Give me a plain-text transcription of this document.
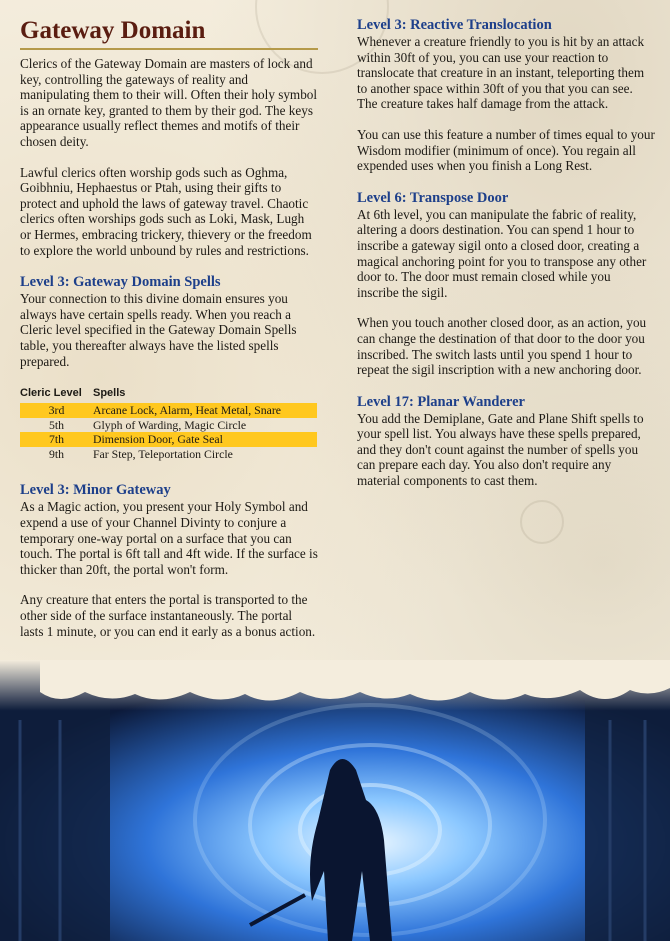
Gateway Domain

Clerics of the Gateway Domain are masters of lock and key, controlling the gateways of reality and manipulating them to their will. Often their holy symbol is an ornate key, granted to them by their god. The keys appearance usually reflect themes and motifs of their chosen deity.

Lawful clerics often worship gods such as Oghma, Goibhniu, Hephaestus or Ptah, using their gifts to protect and uphold the laws of gateway travel. Chaotic clerics often worships gods such as Loki, Mask, Lugh or Hermes, embracing trickery, thievery or the freedom to explore the world unbound by rules and restrictions.

Level 3: Gateway Domain Spells

Your connection to this divine domain ensures you always have certain spells ready. When you reach a Cleric level specified in the Gateway Domain Spells table, you thereafter always have the listed spells prepared.

Cleric Level	Spells
3rd	Arcane Lock, Alarm, Heat Metal, Snare
5th	Glyph of Warding, Magic Circle
7th	Dimension Door, Gate Seal
9th	Far Step, Teleportation Circle
Level 3: Minor Gateway

As a Magic action, you present your Holy Symbol and expend a use of your Channel Divinty to conjure a temporary one-way portal on a surface that you can touch. The portal is 6ft tall and 4ft wide. If the surface is thicker than 20ft, the portal won't form.

Any creature that enters the portal is transported to the other side of the surface instantaneously. The portal lasts 1 minute, or you can end it early as a bonus action.

Level 3: Reactive Translocation

Whenever a creature friendly to you is hit by an attack within 30ft of you, you can use your reaction to translocate that creature in an instant, teleporting them to another space within 30ft of you that you can see. The creature takes half damage from the attack.

You can use this feature a number of times equal to your Wisdom modifier (minimum of once). You regain all expended uses when you finish a Long Rest.

Level 6: Transpose Door

At 6th level, you can manipulate the fabric of reality, altering a doors destination. You can spend 1 hour to inscribe a gateway sigil onto a closed door, creating a magical anchoring point for you to transpose any other door to. The door must remain closed while you inscribe the sigil.

When you touch another closed door, as an action, you can change the destination of that door to the door you inscribed. The switch lasts until you spend 1 hour to repeat the sigil inscription with a new anchoring door.

Level 17: Planar Wanderer

You add the Demiplane, Gate and Plane Shift spells to your spell list. You always have these spells prepared, and they don't count against the number of spells you can prepare each day. You also don't require any material components to cast them.
